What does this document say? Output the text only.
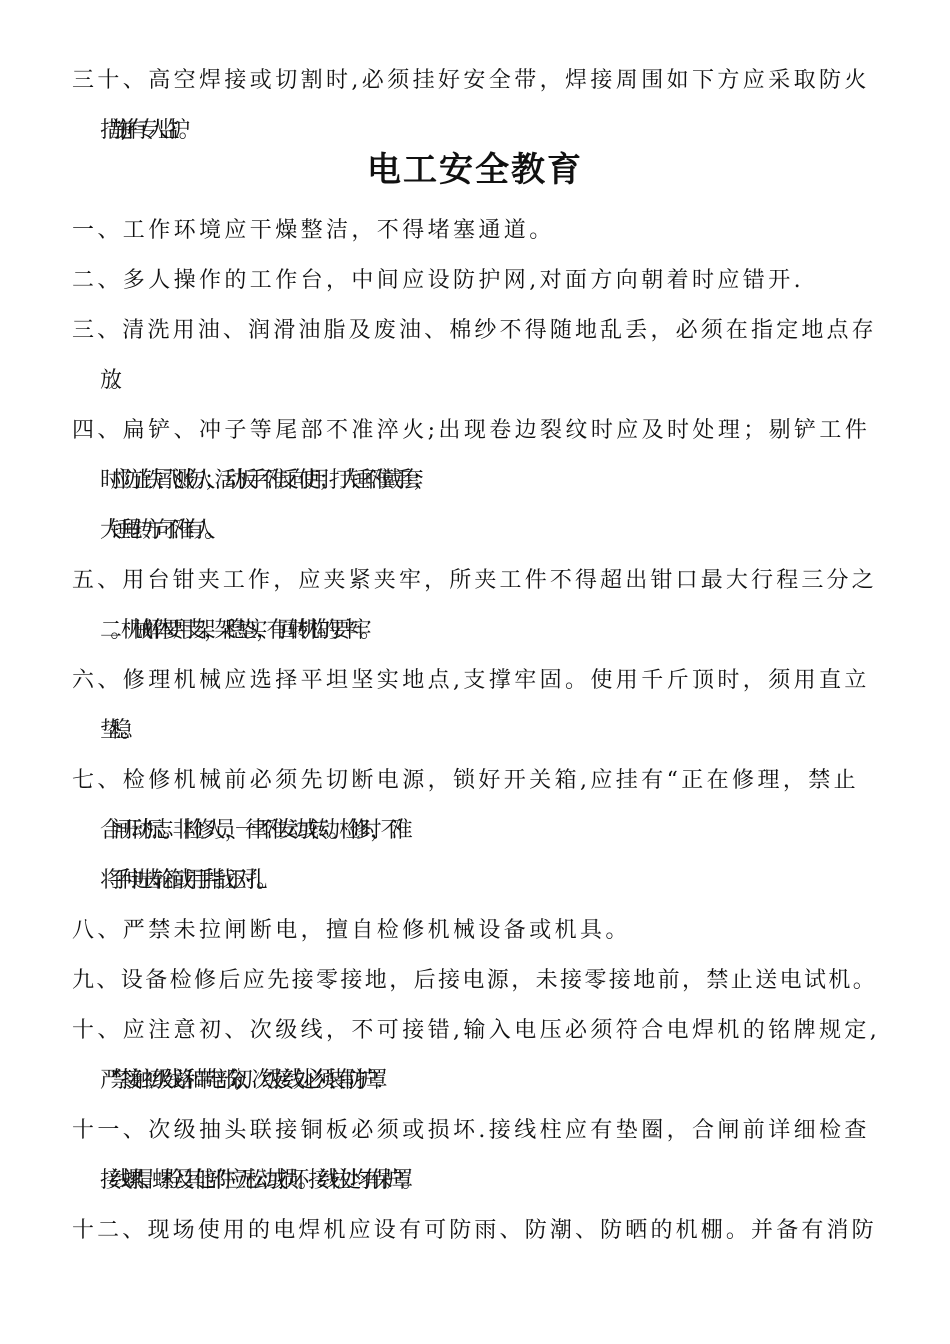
三十、高空焊接或切割时,必须挂好安全带，焊接周围如下方应采取防火
措施,并有专人监护。
电工安全教育
一、工作环境应干燥整洁，不得堵塞通道。
二、多人操作的工作台，中间应设防护网,对面方向朝着时应错开.
三、清洗用油、润滑油脂及废油、棉纱不得随地乱丢，必须在指定地点存
放。
四、扁铲、冲子等尾部不准淬火;出现卷边裂纹时应及时处理；剔铲工件
时应防止铁屑飞溅伤人；活动板手不准反向使用；打大锤不准戴手套；
大锤甩转方向不准有人。
五、用台钳夹工作，应夹紧夹牢，所夹工件不得超出钳口最大行程三分之
二。机械解体要用支架，架稳垫实，有回转机构的要卡牢。
六、修理机械应选择平坦坚实地点,支撑牢固。使用千斤顶时，须用直立
垫稳。
七、检修机械前必须先切断电源，锁好开关箱,应挂有“正在修理，禁止
合闸开动”标志。非检修人员，一律不准发动或转动。检修时，不准
将手伸进齿轮箱或用手指找正对孔。
八、严禁未拉闸断电，擅自检修机械设备或机具。
九、设备检修后应先接零接地，后接电源，未接零接地前，禁止送电试机。
十、应注意初、次级线，不可接错,输入电压必须符合电焊机的铭牌规定,
严禁接触初级线路和带电部分,初、次级接线处必须装有防护罩.
十一、次级抽头联接铜板必须或损坏.接线柱应有垫圈，合闸前详细检查
接线螺帽、螺栓及其他部件应无松动或损坏。接线柱处均有保护罩。
十二、现场使用的电焊机应设有可防雨、防潮、防晒的机棚。并备有消防
